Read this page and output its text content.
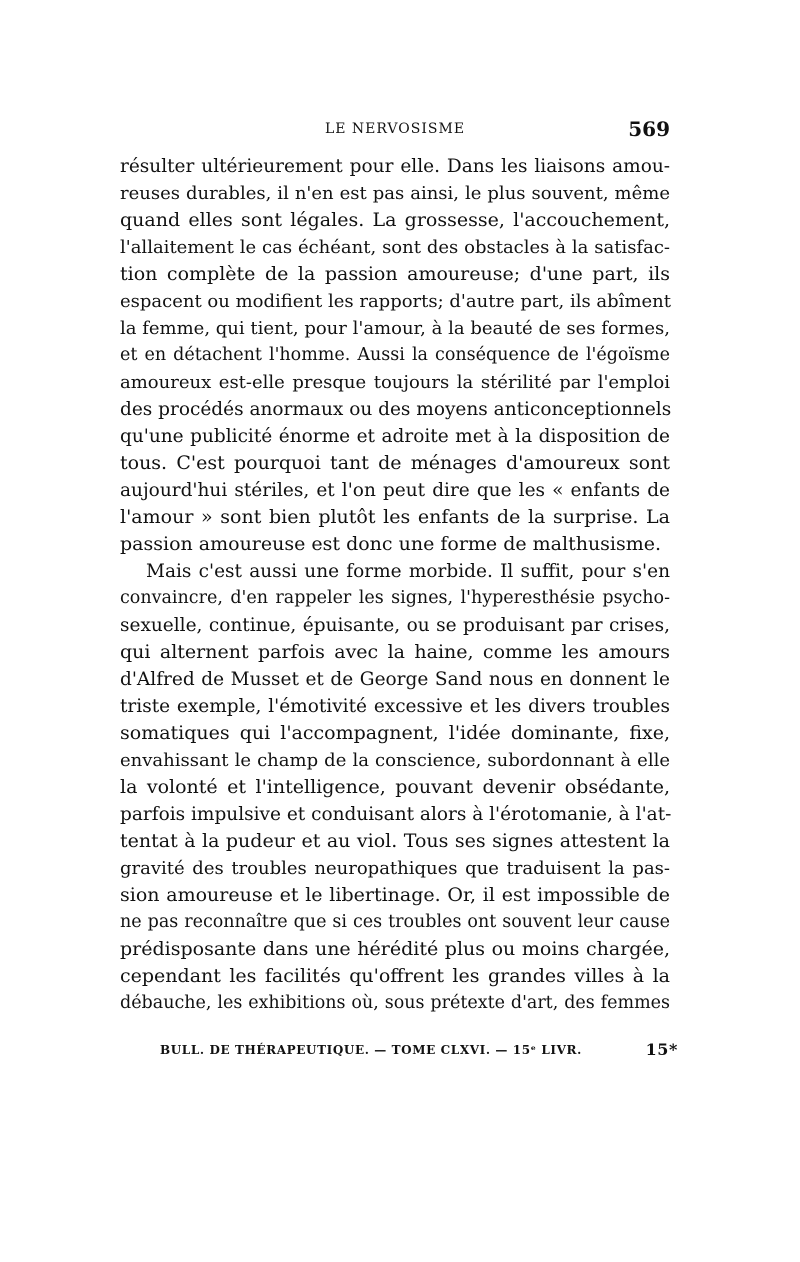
LE NERVOSISME	569
résulter ultérieurement pour elle. Dans les liaisons amou‑
reuses durables, il n'en est pas ainsi, le plus souvent, même
quand elles sont légales. La grossesse, l'accouchement,
l'allaitement le cas échéant, sont des obstacles à la satisfac-
tion complète de la passion amoureuse; d'une part, ils
espacent ou modifient les rapports; d'autre part, ils abîment
la femme, qui tient, pour l'amour, à la beauté de ses formes,
et en détachent l'homme. Aussi la conséquence de l'égoïsme
amoureux est-elle presque toujours la stérilité par l'emploi
des procédés anormaux ou des moyens anticonceptionnels
qu'une publicité énorme et adroite met à la disposition de
tous. C'est pourquoi tant de ménages d'amoureux sont
aujourd'hui stériles, et l'on peut dire que les « enfants de
l'amour » sont bien plutôt les enfants de la surprise. La
passion amoureuse est donc une forme de malthusisme.
Mais c'est aussi une forme morbide. Il suffit, pour s'en
convaincre, d'en rappeler les signes, l'hyperesthésie psycho-
sexuelle, continue, épuisante, ou se produisant par crises,
qui alternent parfois avec la haine, comme les amours
d'Alfred de Musset et de George Sand nous en donnent le
triste exemple, l'émotivité excessive et les divers troubles
somatiques qui l'accompagnent, l'idée dominante, fixe,
envahissant le champ de la conscience, subordonnant à elle
la volonté et l'intelligence, pouvant devenir obsédante,
parfois impulsive et conduisant alors à l'érotomanie, à l'at-
tentat à la pudeur et au viol. Tous ses signes attestent la
gravité des troubles neuropathiques que traduisent la pas-
sion amoureuse et le libertinage. Or, il est impossible de
ne pas reconnaître que si ces troubles ont souvent leur cause
prédisposante dans une hérédité plus ou moins chargée,
cependant les facilités qu'offrent les grandes villes à la
débauche, les exhibitions où, sous prétexte d'art, des femmes
BULL. DE THÉRAPEUTIQUE. — TOME CLXVI. — 15ᵉ LIVR.	15*
